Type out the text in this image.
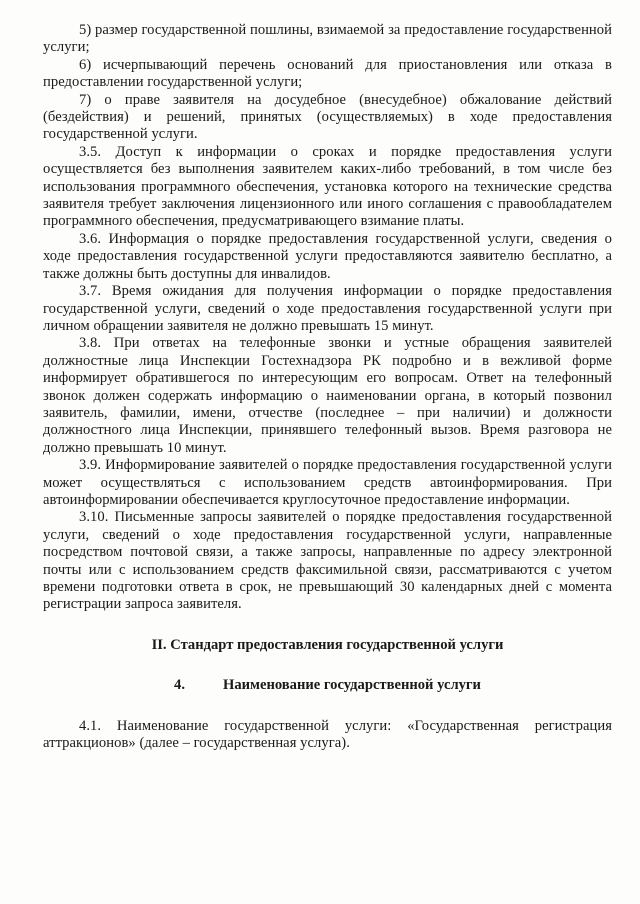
5) размер государственной пошлины, взимаемой за предоставление государственной услуги;

6) исчерпывающий перечень оснований для приостановления или отказа в предоставлении государственной услуги;

7) о праве заявителя на досудебное (внесудебное) обжалование действий (бездействия) и решений, принятых (осуществляемых) в ходе предоставления государственной услуги.

3.5. Доступ к информации о сроках и порядке предоставления услуги осуществляется без выполнения заявителем каких-либо требований, в том числе без использования программного обеспечения, установка которого на технические средства заявителя требует заключения лицензионного или иного соглашения с правообладателем программного обеспечения, предусматривающего взимание платы.

3.6. Информация о порядке предоставления государственной услуги, сведения о ходе предоставления государственной услуги предоставляются заявителю бесплатно, а также должны быть доступны для инвалидов.

3.7. Время ожидания для получения информации о порядке предоставления государственной услуги, сведений о ходе предоставления государственной услуги при личном обращении заявителя не должно превышать 15 минут.

3.8. При ответах на телефонные звонки и устные обращения заявителей должностные лица Инспекции Гостехнадзора РК подробно и в вежливой форме информирует обратившегося по интересующим его вопросам. Ответ на телефонный звонок должен содержать информацию о наименовании органа, в который позвонил заявитель, фамилии, имени, отчестве (последнее – при наличии) и должности должностного лица Инспекции, принявшего телефонный вызов. Время разговора не должно превышать 10 минут.

3.9. Информирование заявителей о порядке предоставления государственной услуги может осуществляться с использованием средств автоинформирования. При автоинформировании обеспечивается круглосуточное предоставление информации.

3.10. Письменные запросы заявителей о порядке предоставления государственной услуги, сведений о ходе предоставления государственной услуги, направленные посредством почтовой связи, а также запросы, направленные по адресу электронной почты или с использованием средств факсимильной связи, рассматриваются с учетом времени подготовки ответа в срок, не превышающий 30 календарных дней с момента регистрации запроса заявителя.

II. Стандарт предоставления государственной услуги

4.	Наименование государственной услуги

4.1. Наименование государственной услуги: «Государственная регистрация аттракционов» (далее – государственная услуга).
